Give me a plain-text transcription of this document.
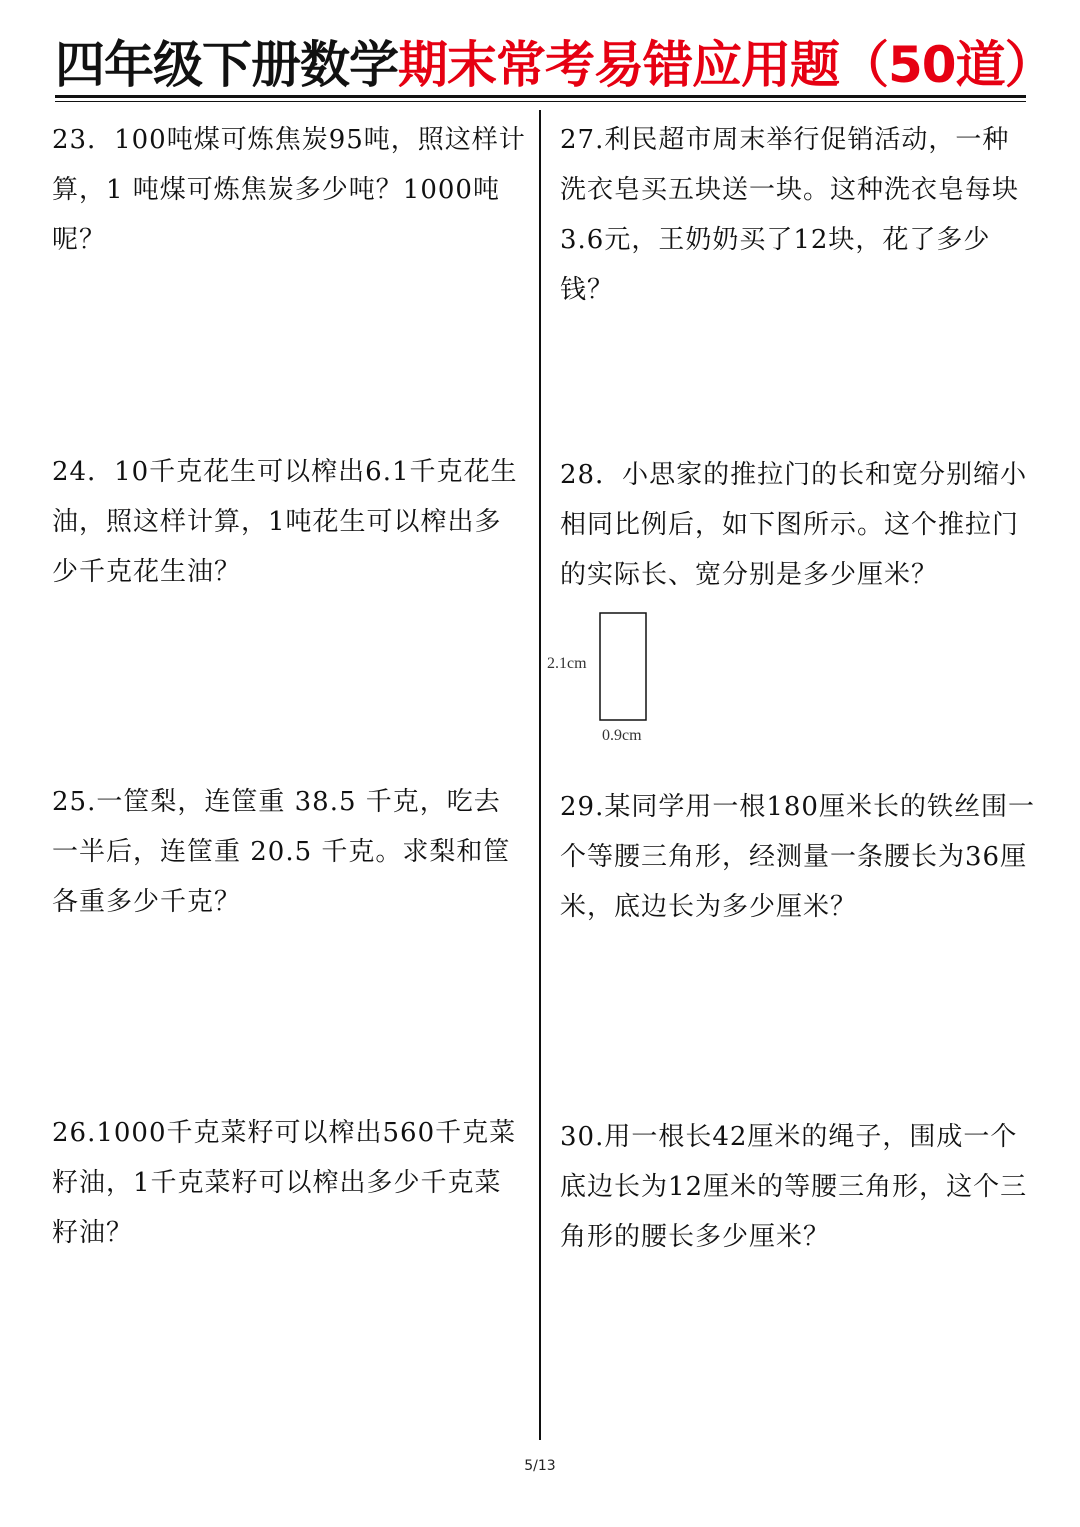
四年级下册数学期末常考易错应用题（50道）

23．100吨煤可炼焦炭95吨，照这样计算，1 吨煤可炼焦炭多少吨？1000吨呢？

24．10千克花生可以榨出6.1千克花生油，照这样计算，1吨花生可以榨出多少千克花生油？

25.一筐梨，连筐重 38.5 千克，吃去一半后，连筐重 20.5 千克。求梨和筐各重多少千克？

26.1000千克菜籽可以榨出560千克菜籽油，1千克菜籽可以榨出多少千克菜籽油？

27.利民超市周末举行促销活动，一种洗衣皂买五块送一块。这种洗衣皂每块3.6元，王奶奶买了12块，花了多少钱？

28．小思家的推拉门的长和宽分别缩小相同比例后，如下图所示。这个推拉门的实际长、宽分别是多少厘米？

29.某同学用一根180厘米长的铁丝围一个等腰三角形，经测量一条腰长为36厘米，底边长为多少厘米？

30.用一根长42厘米的绳子，围成一个底边长为12厘米的等腰三角形，这个三角形的腰长多少厘米？

2.1cm
0.9cm
5/13
